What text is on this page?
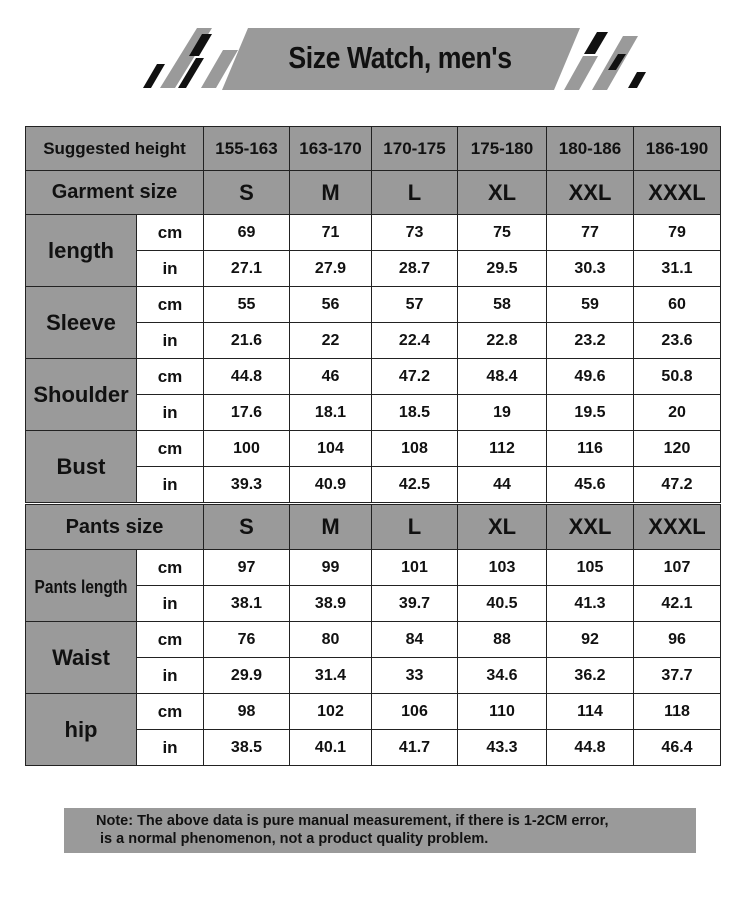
Size Watch, men's
Suggested height		155-163	163-170	170-175	175-180	180-186	186-190
Garment size		S	M	L	XL	XXL	XXXL
length	cm	69	71	73	75	77	79
	in	27.1	27.9	28.7	29.5	30.3	31.1
Sleeve	cm	55	56	57	58	59	60
	in	21.6	22	22.4	22.8	23.2	23.6
Shoulder	cm	44.8	46	47.2	48.4	49.6	50.8
	in	17.6	18.1	18.5	19	19.5	20
Bust	cm	100	104	108	112	116	120
	in	39.3	40.9	42.5	44	45.6	47.2
Pants size		S	M	L	XL	XXL	XXXL
Pants length	cm	97	99	101	103	105	107
	in	38.1	38.9	39.7	40.5	41.3	42.1
Waist	cm	76	80	84	88	92	96
	in	29.9	31.4	33	34.6	36.2	37.7
hip	cm	98	102	106	110	114	118
	in	38.5	40.1	41.7	43.3	44.8	46.4
Note: The above data is pure manual measurement, if there is 1-2CM error,
is a normal phenomenon, not a product quality problem.
